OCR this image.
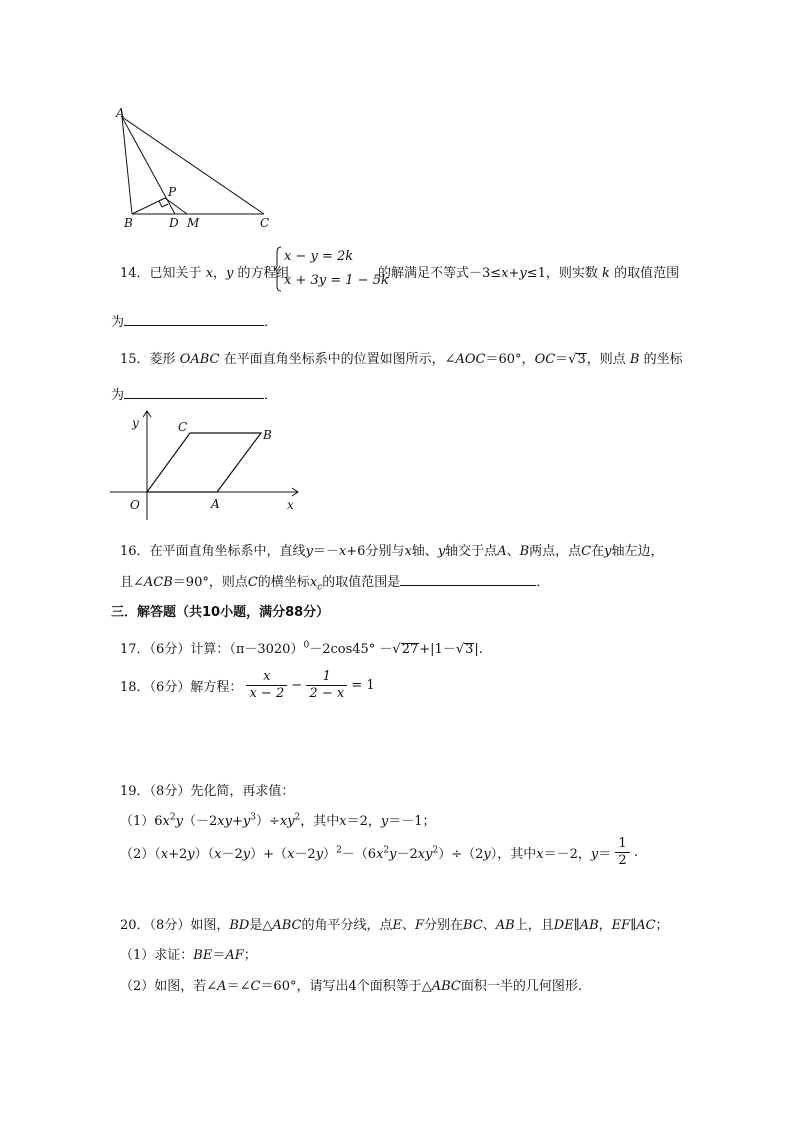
A
P
B	D M	C
14．已知关于 x，y 的方程组
x − y = 2k
x + 3y = 1 − 5k
的解满足不等式－3≤x+y≤1，则实数 k 的取值范围
为	．
15．菱形 OABC 在平面直角坐标系中的位置如图所示，∠AOC＝60°，OC＝√3，则点 B 的坐标
为	．
y	C
B
O	A	x
16．在平面直角坐标系中，直线y＝－x+6分别与x轴、y轴交于点A、B两点，点C在y轴左边，
且∠ACB＝90°，则点C的横坐标$x_c$的取值范围是	．
三．解答题（共10小题，满分88分）
17．（6分）计算：$(\pi-3020)^0-2\cos 45^\circ -√27+|1-√3|$.
18．（6分）解方程： $\frac{x}{x - 2} - \frac{1}{2 - x} = 1$
19．（8分）先化简，再求值：
$(1)6x^2y(-2xy+y^3)\div xy^2$，其中x＝2，y＝－1；
$(2)(x+2y)(x-2y)+(x-2y)^2-(6x^2y-2xy^2)\div(2y)$，其中x＝－2，$y= \frac{1}{2}$ .
20．（8分）如图，BD是△ABC的角平分线，点E、F分别在BC、AB上，且DE∥AB，EF∥AC；
（1）求证：BE＝AF；
（2）如图，若∠A＝∠C＝60°，请写出4个面积等于△ABC面积一半的几何图形.
